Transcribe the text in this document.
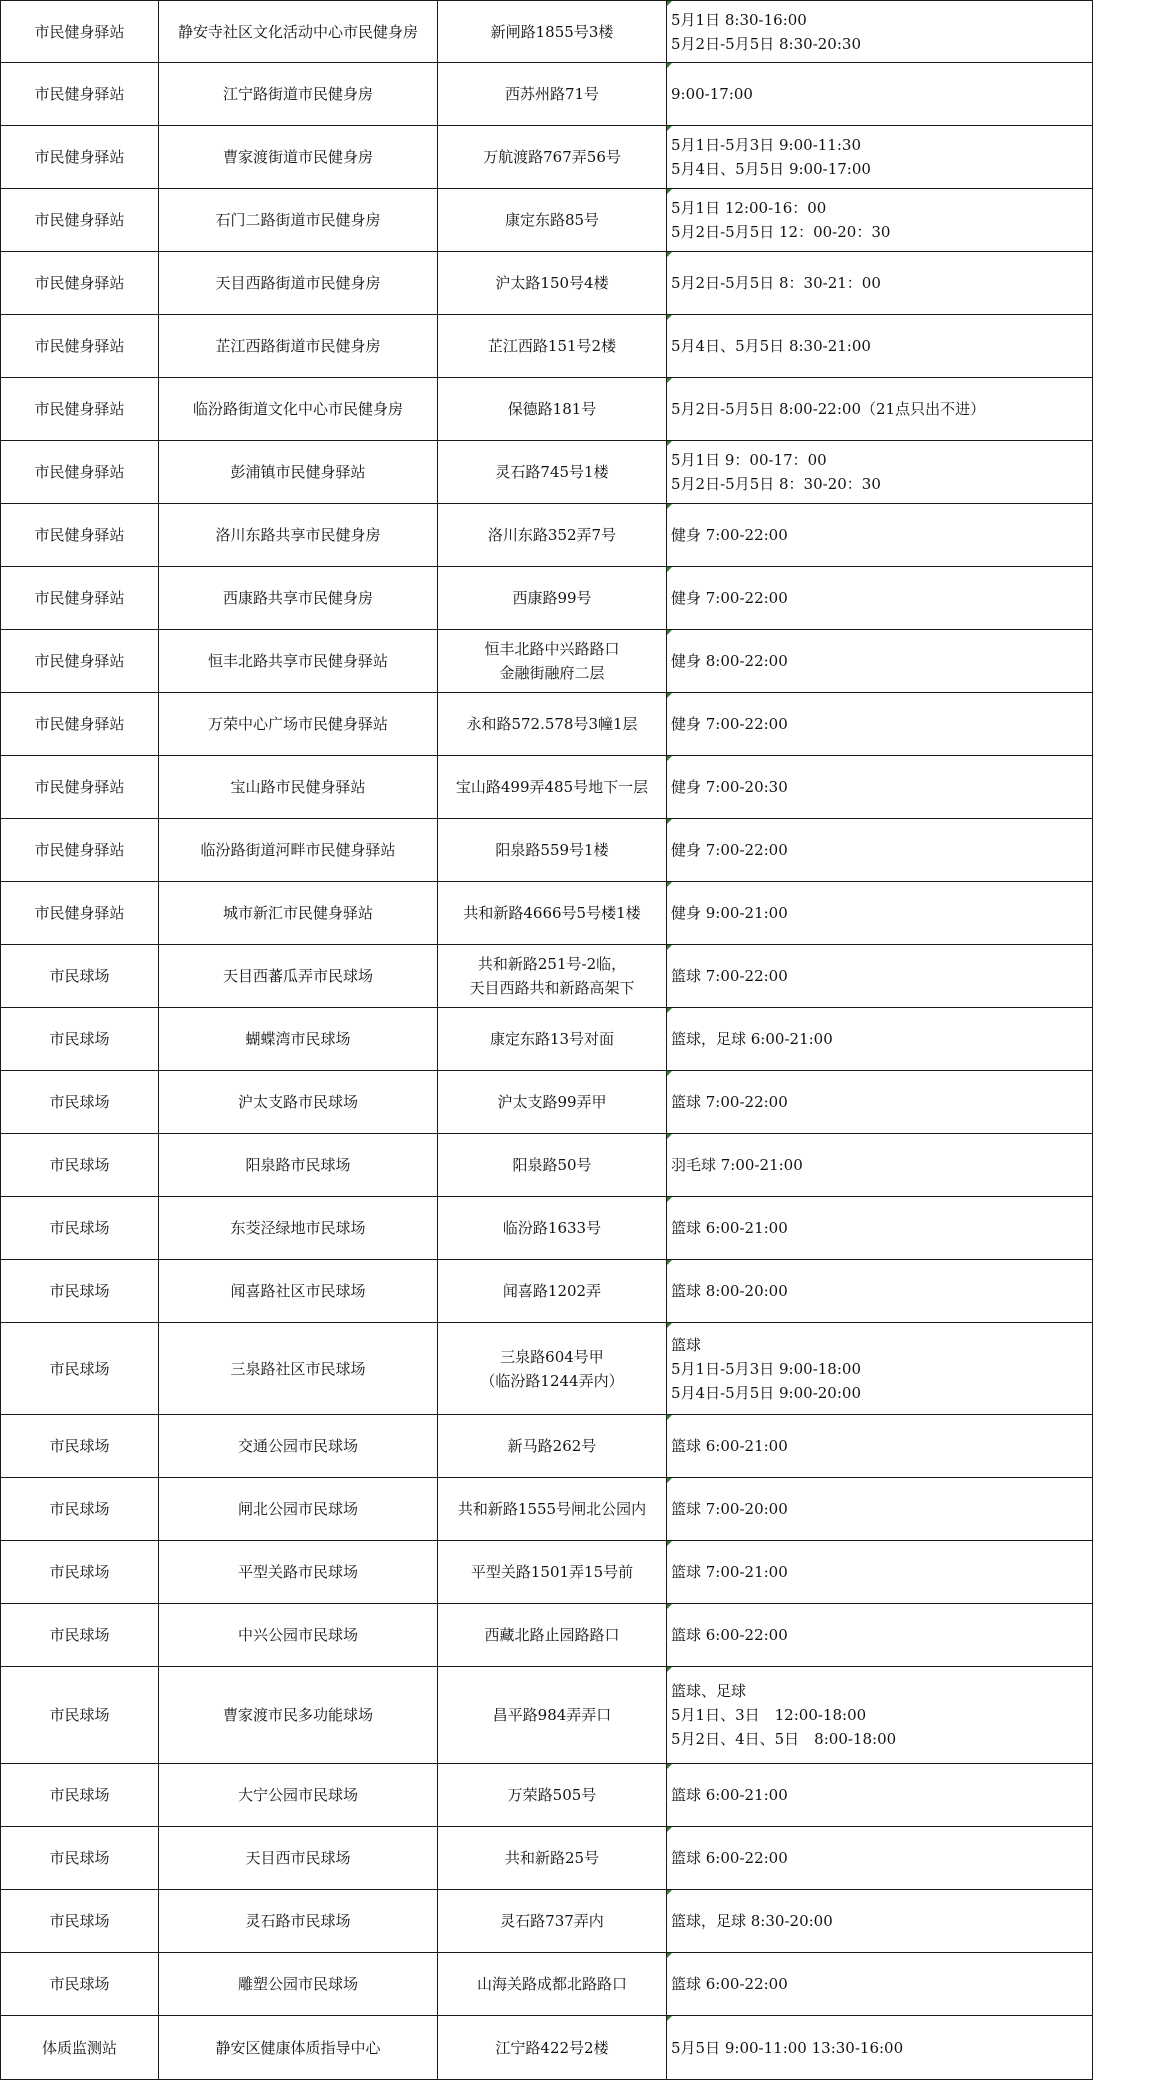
市民健身驿站	静安寺社区文化活动中心市民健身房	新闸路1855号3楼	5月1日 8:30-16:00
5月2日-5月5日 8:30-20:30

市民健身驿站	江宁路街道市民健身房	西苏州路71号	9:00-17:00

市民健身驿站	曹家渡街道市民健身房	万航渡路767弄56号	5月1日-5月3日 9:00-11:30
5月4日、5月5日 9:00-17:00

市民健身驿站	石门二路街道市民健身房	康定东路85号	5月1日 12:00-16：00
5月2日-5月5日 12：00-20：30

市民健身驿站	天目西路街道市民健身房	沪太路150号4楼	5月2日-5月5日 8：30-21：00

市民健身驿站	芷江西路街道市民健身房	芷江西路151号2楼	5月4日、5月5日 8:30-21:00

市民健身驿站	临汾路街道文化中心市民健身房	保德路181号	5月2日-5月5日 8:00-22:00（21点只出不进）

市民健身驿站	彭浦镇市民健身驿站	灵石路745号1楼	5月1日 9：00-17：00
5月2日-5月5日 8：30-20：30

市民健身驿站	洛川东路共享市民健身房	洛川东路352弄7号	健身 7:00-22:00

市民健身驿站	西康路共享市民健身房	西康路99号	健身 7:00-22:00

市民健身驿站	恒丰北路共享市民健身驿站	恒丰北路中兴路路口
金融街融府二层	健身 8:00-22:00

市民健身驿站	万荣中心广场市民健身驿站	永和路572.578号3幢1层	健身 7:00-22:00

市民健身驿站	宝山路市民健身驿站	宝山路499弄485号地下一层	健身 7:00-20:30

市民健身驿站	临汾路街道河畔市民健身驿站	阳泉路559号1楼	健身 7:00-22:00

市民健身驿站	城市新汇市民健身驿站	共和新路4666号5号楼1楼	健身 9:00-21:00

市民球场	天目西蕃瓜弄市民球场	共和新路251号-2临，
天目西路共和新路高架下	篮球 7:00-22:00

市民球场	蝴蝶湾市民球场	康定东路13号对面	篮球，足球 6:00-21:00

市民球场	沪太支路市民球场	沪太支路99弄甲	篮球 7:00-22:00

市民球场	阳泉路市民球场	阳泉路50号	羽毛球 7:00-21:00

市民球场	东茭泾绿地市民球场	临汾路1633号	篮球 6:00-21:00

市民球场	闻喜路社区市民球场	闻喜路1202弄	篮球 8:00-20:00

市民球场	三泉路社区市民球场	三泉路604号甲
（临汾路1244弄内）	篮球
5月1日-5月3日 9:00-18:00
5月4日-5月5日 9:00-20:00

市民球场	交通公园市民球场	新马路262号	篮球 6:00-21:00

市民球场	闸北公园市民球场	共和新路1555号闸北公园内	篮球 7:00-20:00

市民球场	平型关路市民球场	平型关路1501弄15号前	篮球 7:00-21:00

市民球场	中兴公园市民球场	西藏北路止园路路口	篮球 6:00-22:00

市民球场	曹家渡市民多功能球场	昌平路984弄弄口	篮球、足球
5月1日、3日　12:00-18:00
5月2日、4日、5日　8:00-18:00

市民球场	大宁公园市民球场	万荣路505号	篮球 6:00-21:00

市民球场	天目西市民球场	共和新路25号	篮球 6:00-22:00

市民球场	灵石路市民球场	灵石路737弄内	篮球，足球 8:30-20:00

市民球场	雕塑公园市民球场	山海关路成都北路路口	篮球 6:00-22:00

体质监测站	静安区健康体质指导中心	江宁路422号2楼	5月5日 9:00-11:00 13:30-16:00
